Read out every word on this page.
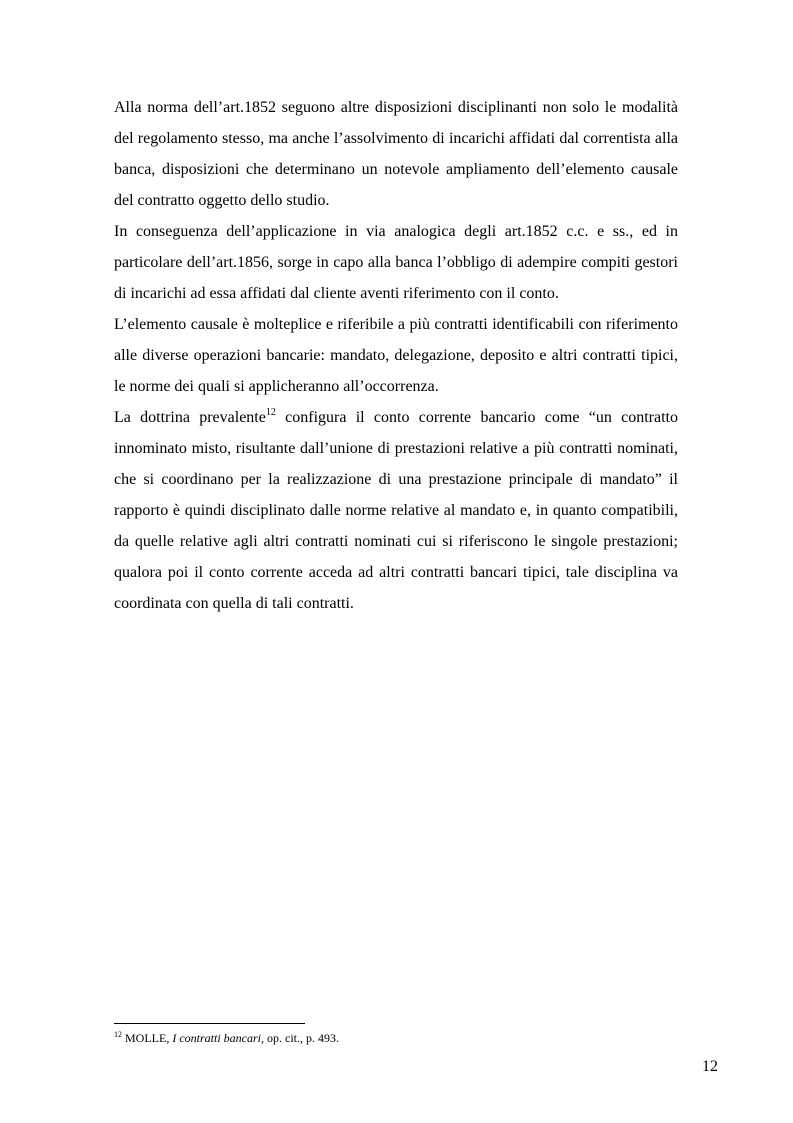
Alla norma dell’art.1852 seguono altre disposizioni disciplinanti non solo le modalità del regolamento stesso, ma anche l’assolvimento di incarichi affidati dal correntista alla banca, disposizioni che determinano un notevole ampliamento dell’elemento causale del contratto oggetto dello studio.

In conseguenza dell’applicazione in via analogica degli art.1852 c.c. e ss., ed in particolare dell’art.1856, sorge in capo alla banca l’obbligo di adempire compiti gestori di incarichi ad essa affidati dal cliente aventi riferimento con il conto.

L’elemento causale è molteplice e riferibile a più contratti identificabili con riferimento alle diverse operazioni bancarie: mandato, delegazione, deposito e altri contratti tipici, le norme dei quali si applicheranno all’occorrenza.

La dottrina prevalente$^{12}$ configura il conto corrente bancario come “un contratto innominato misto, risultante dall’unione di prestazioni relative a più contratti nominati, che si coordinano per la realizzazione di una prestazione principale di mandato” il rapporto è quindi disciplinato dalle norme relative al mandato e, in quanto compatibili, da quelle relative agli altri contratti nominati cui si riferiscono le singole prestazioni; qualora poi il conto corrente acceda ad altri contratti bancari tipici, tale disciplina va coordinata con quella di tali contratti.

$^{12}$ MOLLE, I contratti bancari, op. cit., p. 493.
12
